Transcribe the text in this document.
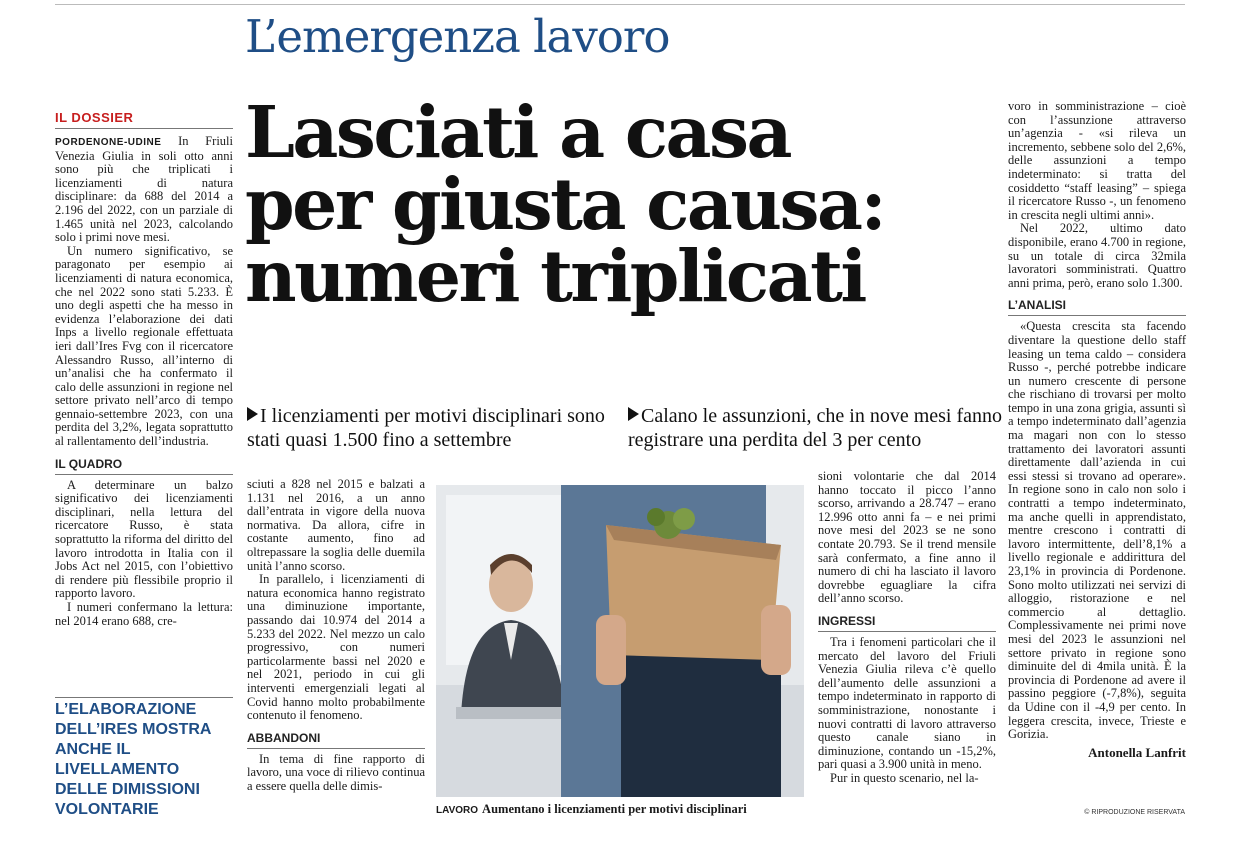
L’emergenza lavoro
IL DOSSIER

PORDENONE-UDINE In Friuli Venezia Giulia in soli otto anni sono più che triplicati i licenziamenti di natura disciplinare: da 688 del 2014 a 2.196 del 2022, con un parziale di 1.465 unità nel 2023, calcolando solo i primi nove mesi.

Un numero significativo, se paragonato per esempio ai licenziamenti di natura economica, che nel 2022 sono stati 5.233. È uno degli aspetti che ha messo in evidenza l’elaborazione dei dati Inps a livello regionale effettuata ieri dall’Ires Fvg con il ricercatore Alessandro Russo, all’interno di un’analisi che ha confermato il calo delle assunzioni in regione nel settore privato nell’arco di tempo gennaio-settembre 2023, con una perdita del 3,2%, legata soprattutto al rallentamento dell’industria.

IL QUADRO

A determinare un balzo significativo dei licenziamenti disciplinari, nella lettura del ricercatore Russo, è stata soprattutto la riforma del diritto del lavoro introdotta in Italia con il Jobs Act nel 2015, con l’obiettivo di rendere più flessibile proprio il rapporto lavoro.

I numeri confermano la lettura: nel 2014 erano 688, cre-

L’ELABORAZIONE DELL’IRES MOSTRA ANCHE IL LIVELLAMENTO DELLE DIMISSIONI VOLONTARIE
Lasciati a casa
per giusta causa:
numeri triplicati
I licenziamenti per motivi disciplinari sono stati quasi 1.500 fino a settembre
Calano le assunzioni, che in nove mesi fanno registrare una perdita del 3 per cento

sciuti a 828 nel 2015 e balzati a 1.131 nel 2016, a un anno dall’entrata in vigore della nuova normativa. Da allora, cifre in costante aumento, fino ad oltrepassare la soglia delle duemila unità l’anno scorso.

In parallelo, i licenziamenti di natura economica hanno registrato una diminuzione importante, passando dai 10.974 del 2014 a 5.233 del 2022. Nel mezzo un calo progressivo, con numeri particolarmente bassi nel 2020 e nel 2021, periodo in cui gli interventi emergenziali legati al Covid hanno molto probabilmente contenuto il fenomeno.

ABBANDONI

In tema di fine rapporto di lavoro, una voce di rilievo continua a essere quella delle dimis-

LAVORO Aumentano i licenziamenti per motivi disciplinari

sioni volontarie che dal 2014 hanno toccato il picco l’anno scorso, arrivando a 28.747 – erano 12.996 otto anni fa – e nei primi nove mesi del 2023 se ne sono contate 20.793. Se il trend mensile sarà confermato, a fine anno il numero di chi ha lasciato il lavoro dovrebbe eguagliare la cifra dell’anno scorso.

INGRESSI

Tra i fenomeni particolari che il mercato del lavoro del Friuli Venezia Giulia rileva c’è quello dell’aumento delle assunzioni a tempo indeterminato in rapporto di somministrazione, nonostante i nuovi contratti di lavoro attraverso questo canale siano in diminuzione, contando un -15,2%, pari quasi a 3.900 unità in meno.

Pur in questo scenario, nel la-

voro in somministrazione – cioè con l’assunzione attraverso un’agenzia - «si rileva un incremento, sebbene solo del 2,6%, delle assunzioni a tempo indeterminato: si tratta del cosiddetto “staff leasing” – spiega il ricercatore Russo -, un fenomeno in crescita negli ultimi anni».

Nel 2022, ultimo dato disponibile, erano 4.700 in regione, su un totale di circa 32mila lavoratori somministrati. Quattro anni prima, però, erano solo 1.300.

L’ANALISI

«Questa crescita sta facendo diventare la questione dello staff leasing un tema caldo – considera Russo -, perché potrebbe indicare un numero crescente di persone che rischiano di trovarsi per molto tempo in una zona grigia, assunti sì a tempo indeterminato dall’agenzia ma magari non con lo stesso trattamento dei lavoratori assunti direttamente dall’azienda in cui essi stessi si trovano ad operare». In regione sono in calo non solo i contratti a tempo indeterminato, ma anche quelli in apprendistato, mentre crescono i contratti di lavoro intermittente, dell’8,1% a livello regionale e addirittura del 23,1% in provincia di Pordenone. Sono molto utilizzati nei servizi di alloggio, ristorazione e nel commercio al dettaglio. Complessivamente nei primi nove mesi del 2023 le assunzioni nel settore privato in regione sono diminuite del di 4mila unità. È la provincia di Pordenone ad avere il passino peggiore (-7,8%), seguita da Udine con il -4,9 per cento. In leggera crescita, invece, Trieste e Gorizia.

Antonella Lanfrit
© RIPRODUZIONE RISERVATA
